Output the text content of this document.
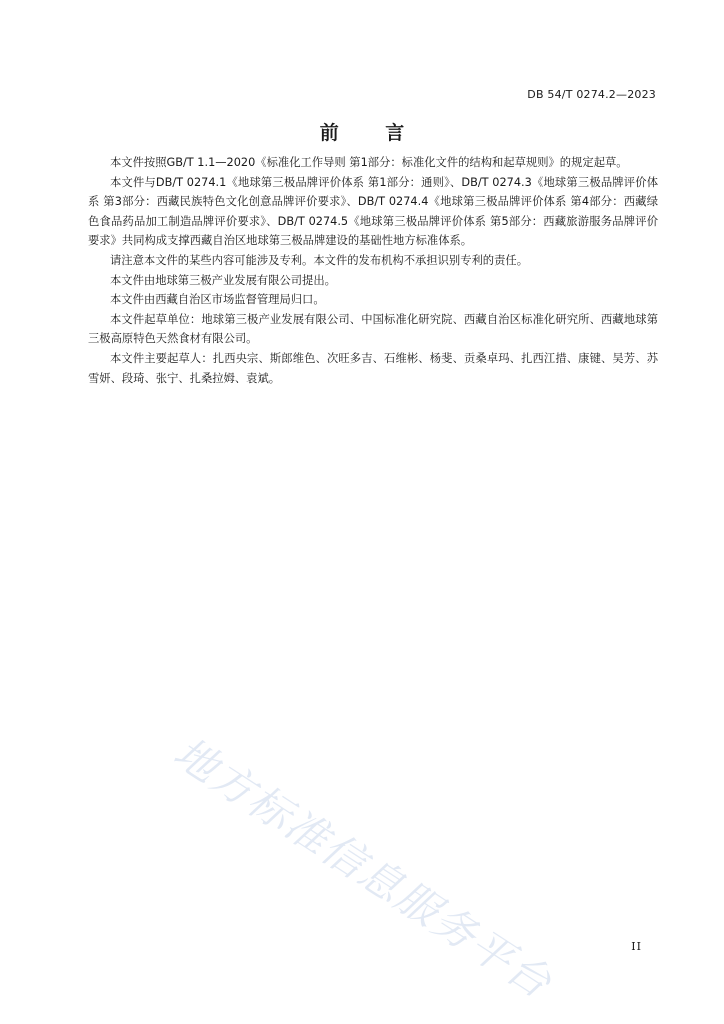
DB 54/T 0274.2—2023
前 言

本文件按照GB/T 1.1—2020《标准化工作导则 第1部分：标准化文件的结构和起草规则》的规定起草。

本文件与DB/T 0274.1《地球第三极品牌评价体系 第1部分：通则》、DB/T 0274.3《地球第三极品牌评价体系 第3部分：西藏民族特色文化创意品牌评价要求》、DB/T 0274.4《地球第三极品牌评价体系 第4部分：西藏绿色食品药品加工制造品牌评价要求》、DB/T 0274.5《地球第三极品牌评价体系 第5部分：西藏旅游服务品牌评价要求》共同构成支撑西藏自治区地球第三极品牌建设的基础性地方标准体系。

请注意本文件的某些内容可能涉及专利。本文件的发布机构不承担识别专利的责任。

本文件由地球第三极产业发展有限公司提出。

本文件由西藏自治区市场监督管理局归口。

本文件起草单位：地球第三极产业发展有限公司、中国标准化研究院、西藏自治区标准化研究所、西藏地球第三极高原特色天然食材有限公司。

本文件主要起草人：扎西央宗、斯郎维色、次旺多吉、石维彬、杨斐、贡桑卓玛、扎西江措、康键、吴芳、苏雪妍、段琦、张宁、扎桑拉姆、袁斌。

地方标准信息服务平台	II
